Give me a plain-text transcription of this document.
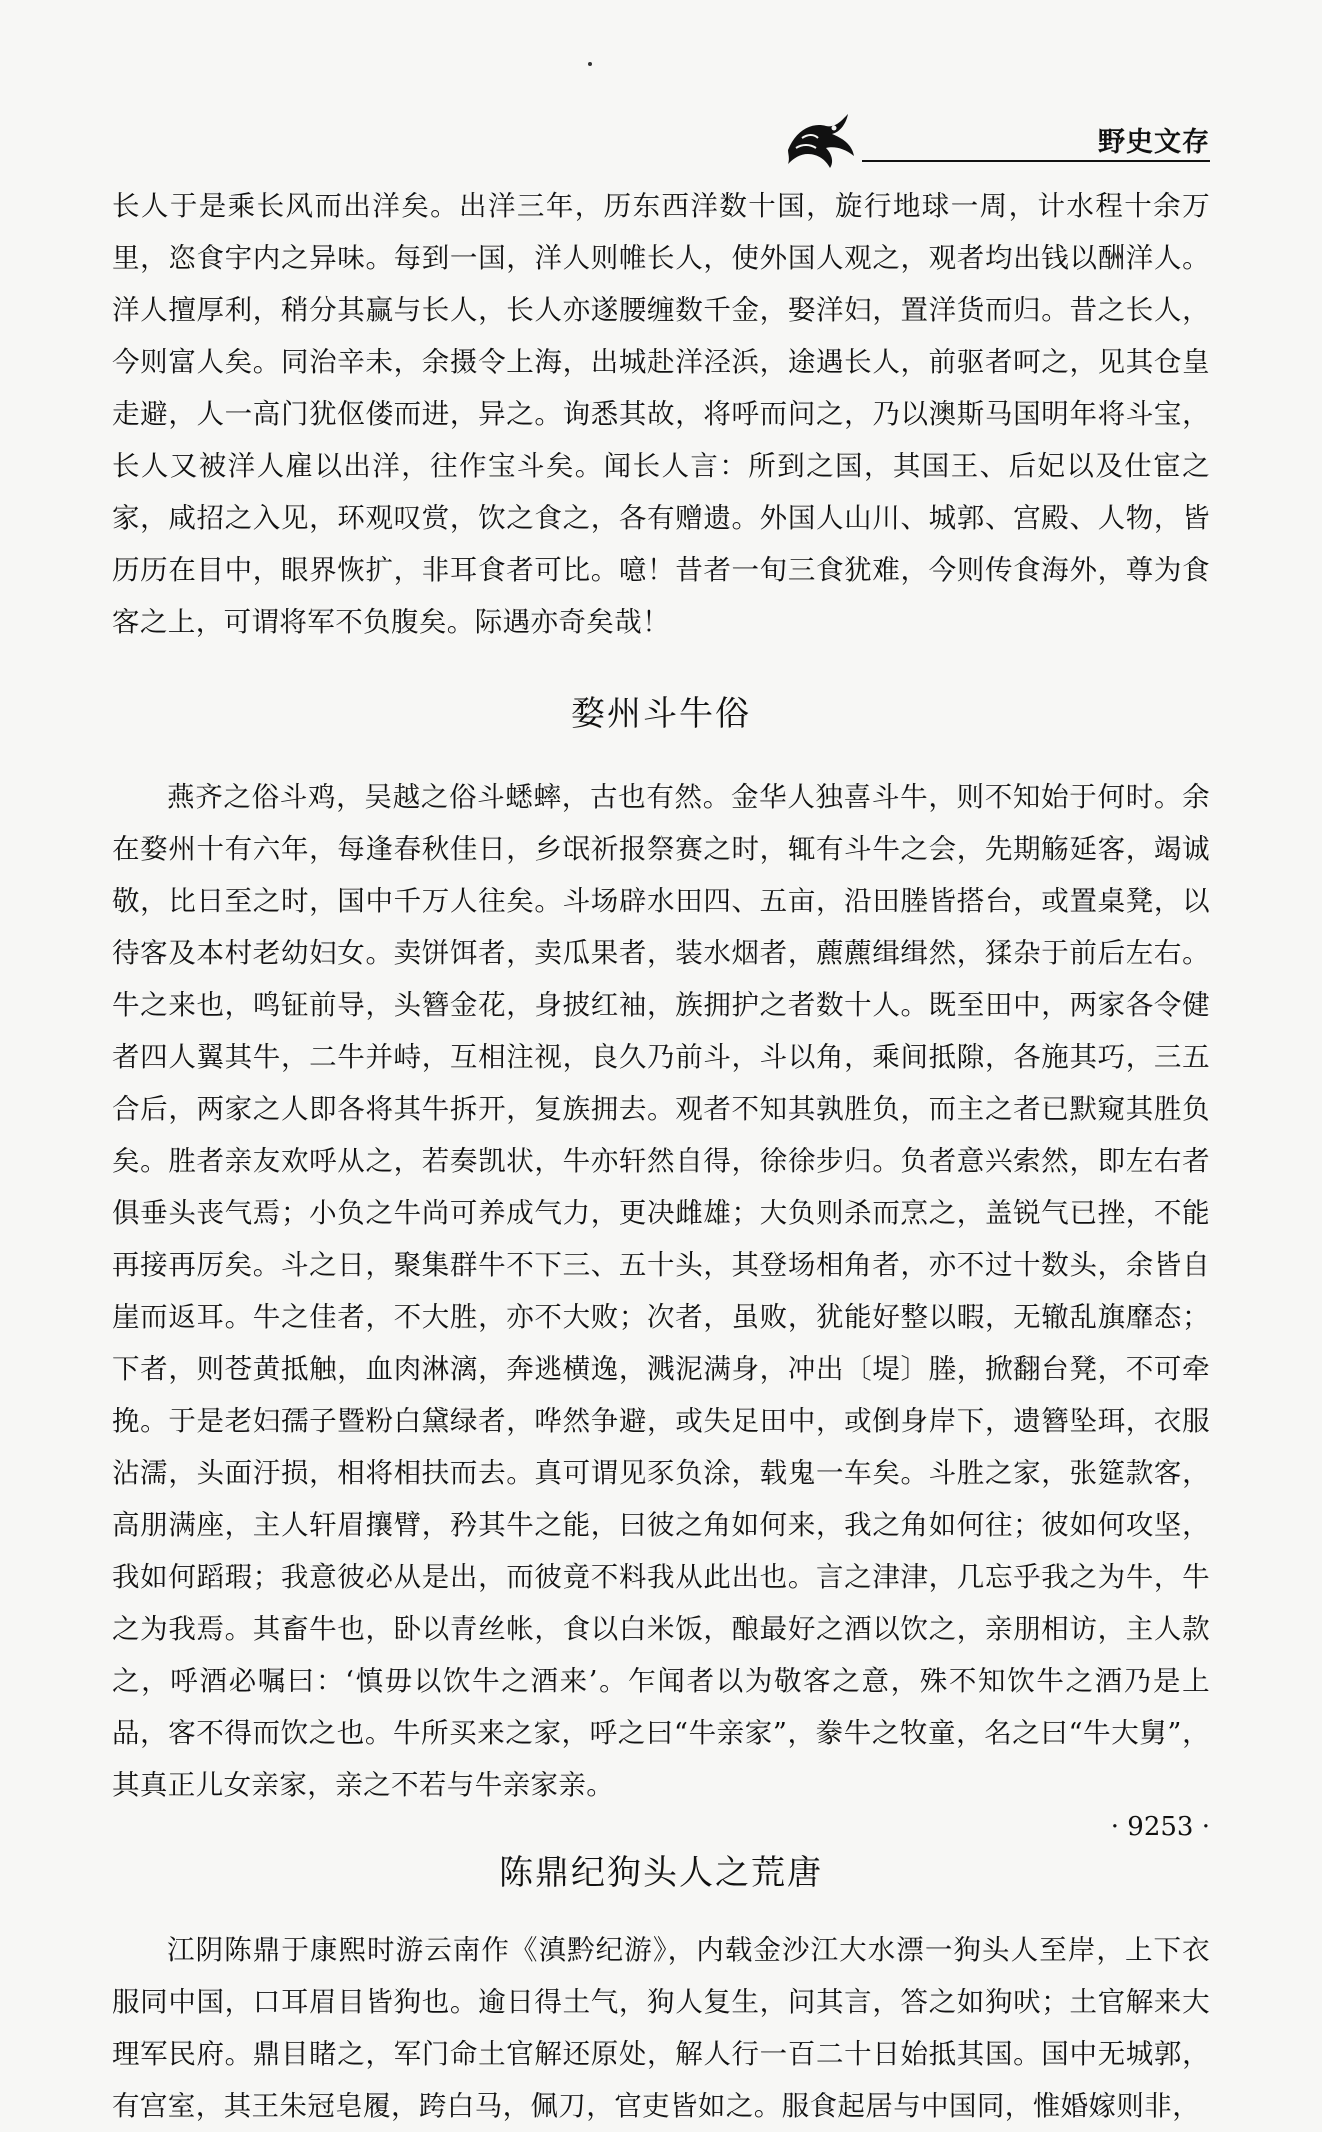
野史文存

长人于是乘长风而出洋矣。出洋三年，历东西洋数十国，旋行地球一周，计水程十余万里，恣食宇内之异味。每到一国，洋人则帷长人，使外国人观之，观者均出钱以酬洋人。洋人擅厚利，稍分其赢与长人，长人亦遂腰缠数千金，娶洋妇，置洋货而归。昔之长人，今则富人矣。同治辛未，余摄令上海，出城赴洋泾浜，途遇长人，前驱者呵之，见其仓皇走避，人一高门犹伛偻而进，异之。询悉其故，将呼而问之，乃以澳斯马国明年将斗宝，长人又被洋人雇以出洋，往作宝斗矣。闻长人言：所到之国，其国王、后妃以及仕宦之家，咸招之入见，环观叹赏，饮之食之，各有赠遗。外国人山川、城郭、宫殿、人物，皆历历在目中，眼界恢扩，非耳食者可比。噫！昔者一旬三食犹难，今则传食海外，尊为食客之上，可谓将军不负腹矣。际遇亦奇矣哉！

婺州斗牛俗

燕齐之俗斗鸡，吴越之俗斗蟋蟀，古也有然。金华人独喜斗牛，则不知始于何时。余在婺州十有六年，每逢春秋佳日，乡氓祈报祭赛之时，辄有斗牛之会，先期觞延客，竭诚敬，比日至之时，国中千万人往矣。斗场辟水田四、五亩，沿田塍皆搭台，或置桌凳，以待客及本村老幼妇女。卖饼饵者，卖瓜果者，装水烟者，藨藨缉缉然，猱杂于前后左右。牛之来也，鸣钲前导，头簪金花，身披红袖，族拥护之者数十人。既至田中，两家各令健者四人翼其牛，二牛并峙，互相注视，良久乃前斗，斗以角，乘间抵隙，各施其巧，三五合后，两家之人即各将其牛拆开，复族拥去。观者不知其孰胜负，而主之者已默窥其胜负矣。胜者亲友欢呼从之，若奏凯状，牛亦轩然自得，徐徐步归。负者意兴索然，即左右者俱垂头丧气焉；小负之牛尚可养成气力，更决雌雄；大负则杀而烹之，盖锐气已挫，不能再接再厉矣。斗之日，聚集群牛不下三、五十头，其登场相角者，亦不过十数头，余皆自崖而返耳。牛之佳者，不大胜，亦不大败；次者，虽败，犹能好整以暇，无辙乱旗靡态；下者，则苍黄抵触，血肉淋漓，奔逃横逸，溅泥满身，冲出〔堤〕塍，掀翻台凳，不可牵挽。于是老妇孺子暨粉白黛绿者，哗然争避，或失足田中，或倒身岸下，遗簪坠珥，衣服沾濡，头面汙损，相将相扶而去。真可谓见豕负涂，载鬼一车矣。斗胜之家，张筵款客，高朋满座，主人轩眉攘臂，矜其牛之能，曰彼之角如何来，我之角如何往；彼如何攻坚，我如何蹈瑕；我意彼必从是出，而彼竟不料我从此出也。言之津津，几忘乎我之为牛，牛之为我焉。其畜牛也，卧以青丝帐，食以白米饭，酿最好之酒以饮之，亲朋相访，主人款之，呼酒必嘱曰：‘慎毋以饮牛之酒来’。乍闻者以为敬客之意，殊不知饮牛之酒乃是上品，客不得而饮之也。牛所买来之家，呼之曰“牛亲家”，豢牛之牧童，名之曰“牛大舅”，其真正儿女亲家，亲之不若与牛亲家亲。

陈鼎纪狗头人之荒唐

江阴陈鼎于康熙时游云南作《滇黔纪游》，内载金沙江大水漂一狗头人至岸，上下衣服同中国，口耳眉目皆狗也。逾日得土气，狗人复生，问其言，答之如狗吠；土官解来大理军民府。鼎目睹之，军门命土官解还原处，解人行一百二十日始抵其国。国中无城郭，有宫室，其王朱冠皂履，跨白马，佩刀，官吏皆如之。服食起居与中国同，惟婚嫁则非，

· 9253 ·
